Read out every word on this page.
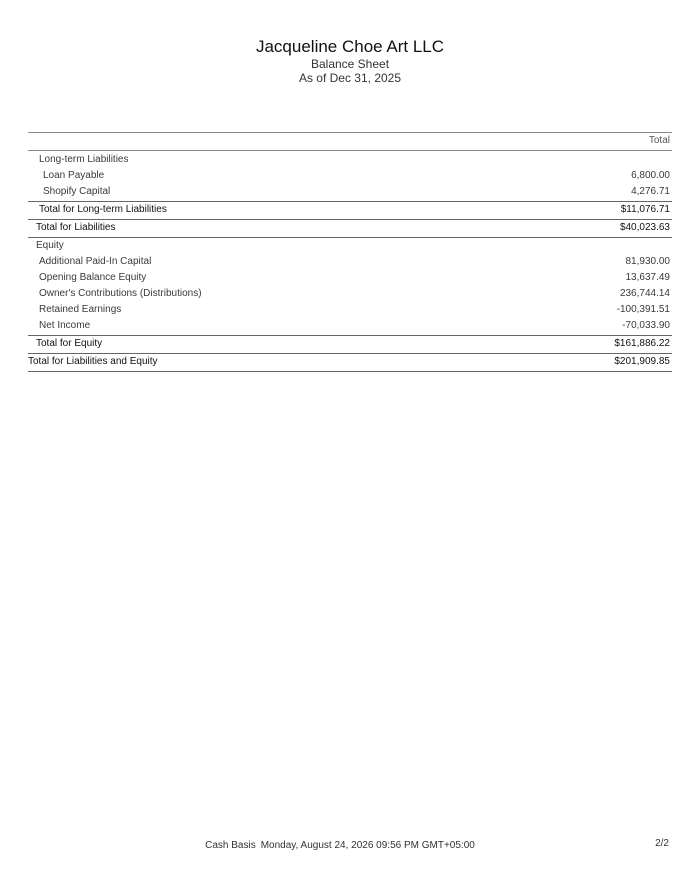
Jacqueline Choe Art LLC
Balance Sheet
As of Dec 31, 2025
Total
Long-term Liabilities
Loan Payable	6,800.00
Shopify Capital	4,276.71
Total for Long-term Liabilities	$11,076.71
Total for Liabilities	$40,023.63
Equity
Additional Paid-In Capital	81,930.00
Opening Balance Equity	13,637.49
Owner's Contributions (Distributions)	236,744.14
Retained Earnings	-100,391.51
Net Income	-70,033.90
Total for Equity	$161,886.22
Total for Liabilities and Equity	$201,909.85
Cash Basis Monday, August 24, 2026 09:56 PM GMT+05:00	2/2
